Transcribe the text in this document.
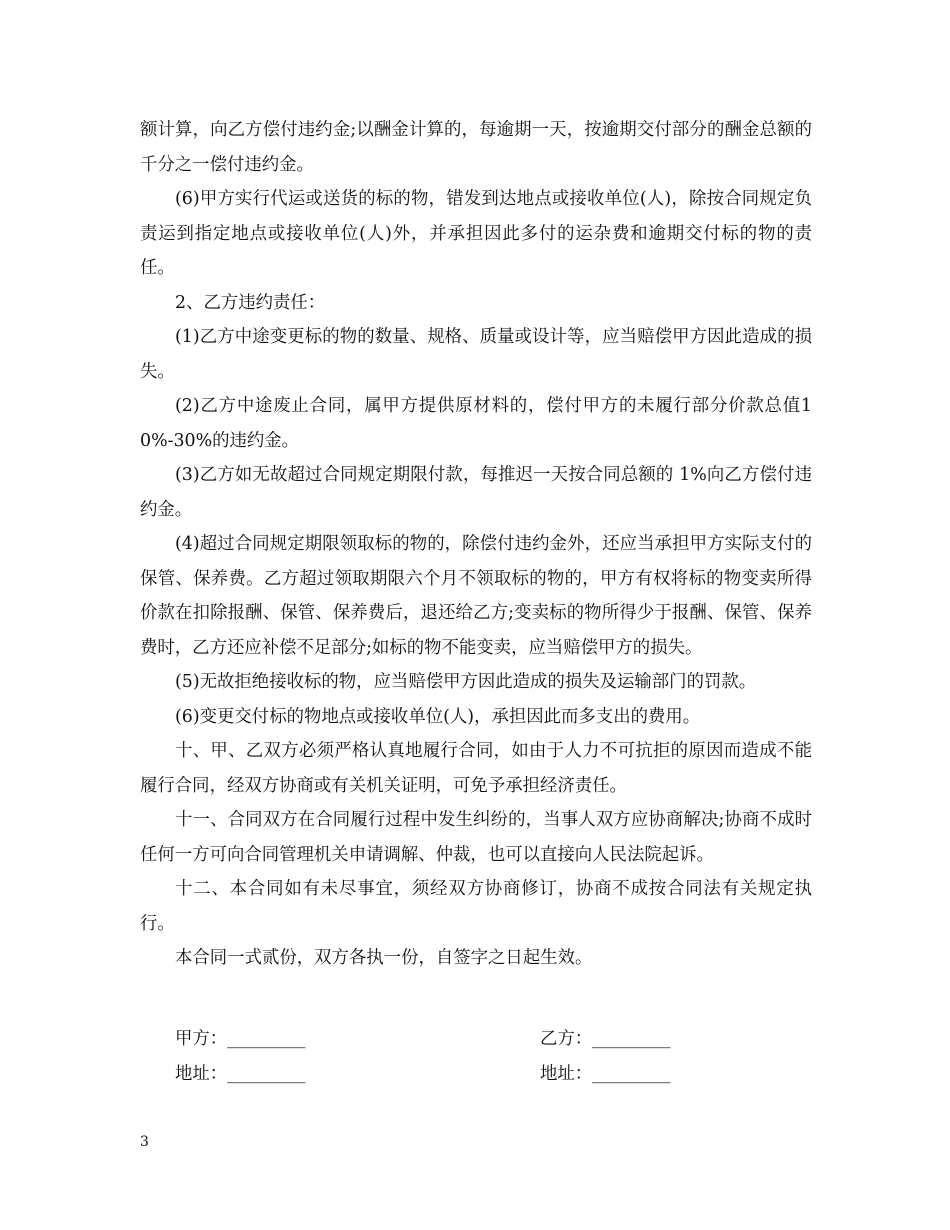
额计算，向乙方偿付违约金;以酬金计算的，每逾期一天，按逾期交付部分的酬金总额的千分之一偿付违约金。

(6)甲方实行代运或送货的标的物，错发到达地点或接收单位(人)，除按合同规定负责运到指定地点或接收单位(人)外，并承担因此多付的运杂费和逾期交付标的物的责任。

2、乙方违约责任：

(1)乙方中途变更标的物的数量、规格、质量或设计等，应当赔偿甲方因此造成的损失。

(2)乙方中途废止合同，属甲方提供原材料的，偿付甲方的未履行部分价款总值10%-30%的违约金。

(3)乙方如无故超过合同规定期限付款，每推迟一天按合同总额的 1%向乙方偿付违约金。

(4)超过合同规定期限领取标的物的，除偿付违约金外，还应当承担甲方实际支付的保管、保养费。乙方超过领取期限六个月不领取标的物的，甲方有权将标的物变卖所得价款在扣除报酬、保管、保养费后，退还给乙方;变卖标的物所得少于报酬、保管、保养费时，乙方还应补偿不足部分;如标的物不能变卖，应当赔偿甲方的损失。

(5)无故拒绝接收标的物，应当赔偿甲方因此造成的损失及运输部门的罚款。

(6)变更交付标的物地点或接收单位(人)，承担因此而多支出的费用。

十、甲、乙双方必须严格认真地履行合同，如由于人力不可抗拒的原因而造成不能履行合同，经双方协商或有关机关证明，可免予承担经济责任。

十一、合同双方在合同履行过程中发生纠纷的，当事人双方应协商解决;协商不成时任何一方可向合同管理机关申请调解、仲裁，也可以直接向人民法院起诉。

十二、本合同如有未尽事宜，须经双方协商修订，协商不成按合同法有关规定执行。

本合同一式贰份，双方各执一份，自签字之日起生效。

甲方：_________	乙方：_________
地址：_________	地址：_________
3
